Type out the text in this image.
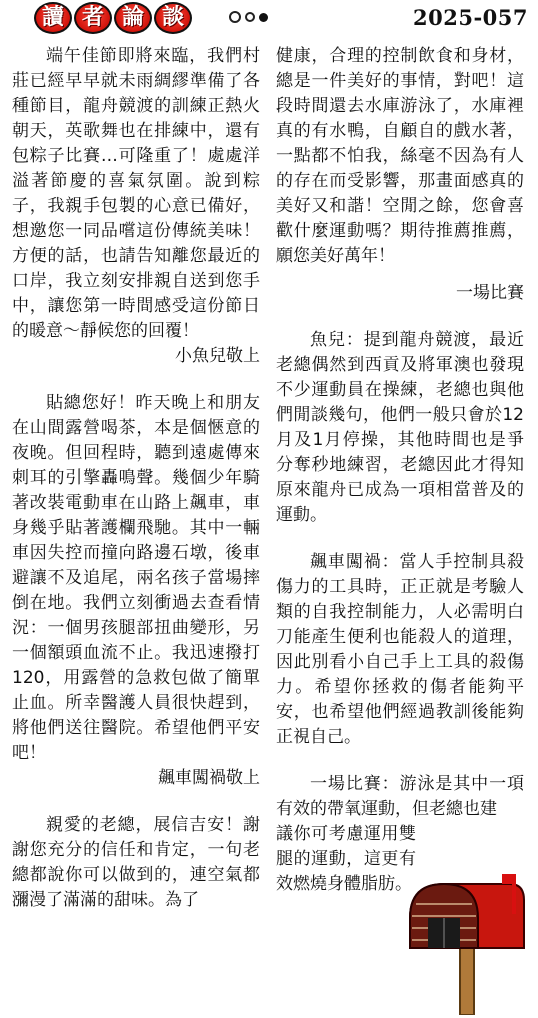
讀 者 論 談	2025-057

端午佳節即將來臨，我們村莊已經早早就未雨綢繆準備了各種節目，龍舟競渡的訓練正熱火朝天，英歌舞也在排練中，還有包粽子比賽…可隆重了！處處洋溢著節慶的喜氣氛圍。說到粽子，我親手包製的心意已備好，想邀您一同品嚐這份傳統美味！方便的話，也請告知離您最近的口岸，我立刻安排親自送到您手中，讓您第一時間感受這份節日的暖意～靜候您的回覆！

小魚兒敬上

貼總您好！昨天晚上和朋友在山間露營喝茶，本是個愜意的夜晚。但回程時，聽到遠處傳來刺耳的引擎轟鳴聲。幾個少年騎著改裝電動車在山路上飆車，車身幾乎貼著護欄飛馳。其中一輛車因失控而撞向路邊石墩，後車避讓不及追尾，兩名孩子當場摔倒在地。我們立刻衝過去查看情況：一個男孩腿部扭曲變形，另一個額頭血流不止。我迅速撥打120，用露營的急救包做了簡單止血。所幸醫護人員很快趕到，將他們送往醫院。希望他們平安吧！

飆車闖禍敬上

親愛的老總，展信吉安！謝謝您充分的信任和肯定，一句老總都說你可以做到的，連空氣都瀰漫了滿滿的甜味。為了

健康，合理的控制飲食和身材，總是一件美好的事情，對吧！這段時間還去水庫游泳了，水庫裡真的有水鴨，自顧自的戲水著，一點都不怕我，絲毫不因為有人的存在而受影響，那畫面感真的美好又和諧！空閒之餘，您會喜歡什麼運動嗎？期待推薦推薦，願您美好萬年！

一場比賽

魚兒：提到龍舟競渡，最近老總偶然到西貢及將軍澳也發現不少運動員在操練，老總也與他們閒談幾句，他們一般只會於12月及1月停操，其他時間也是爭分奪秒地練習，老總因此才得知原來龍舟已成為一項相當普及的運動。

飆車闖禍：當人手控制具殺傷力的工具時，正正就是考驗人類的自我控制能力，人必需明白刀能產生便利也能殺人的道理，因此別看小自己手上工具的殺傷力。希望你拯救的傷者能夠平安，也希望他們經過教訓後能夠正視自己。

一場比賽：游泳是其中一項有效的帶氧運動，但老總也建

議你可考慮運用雙腿的運動，這更有效燃燒身體脂肪。
